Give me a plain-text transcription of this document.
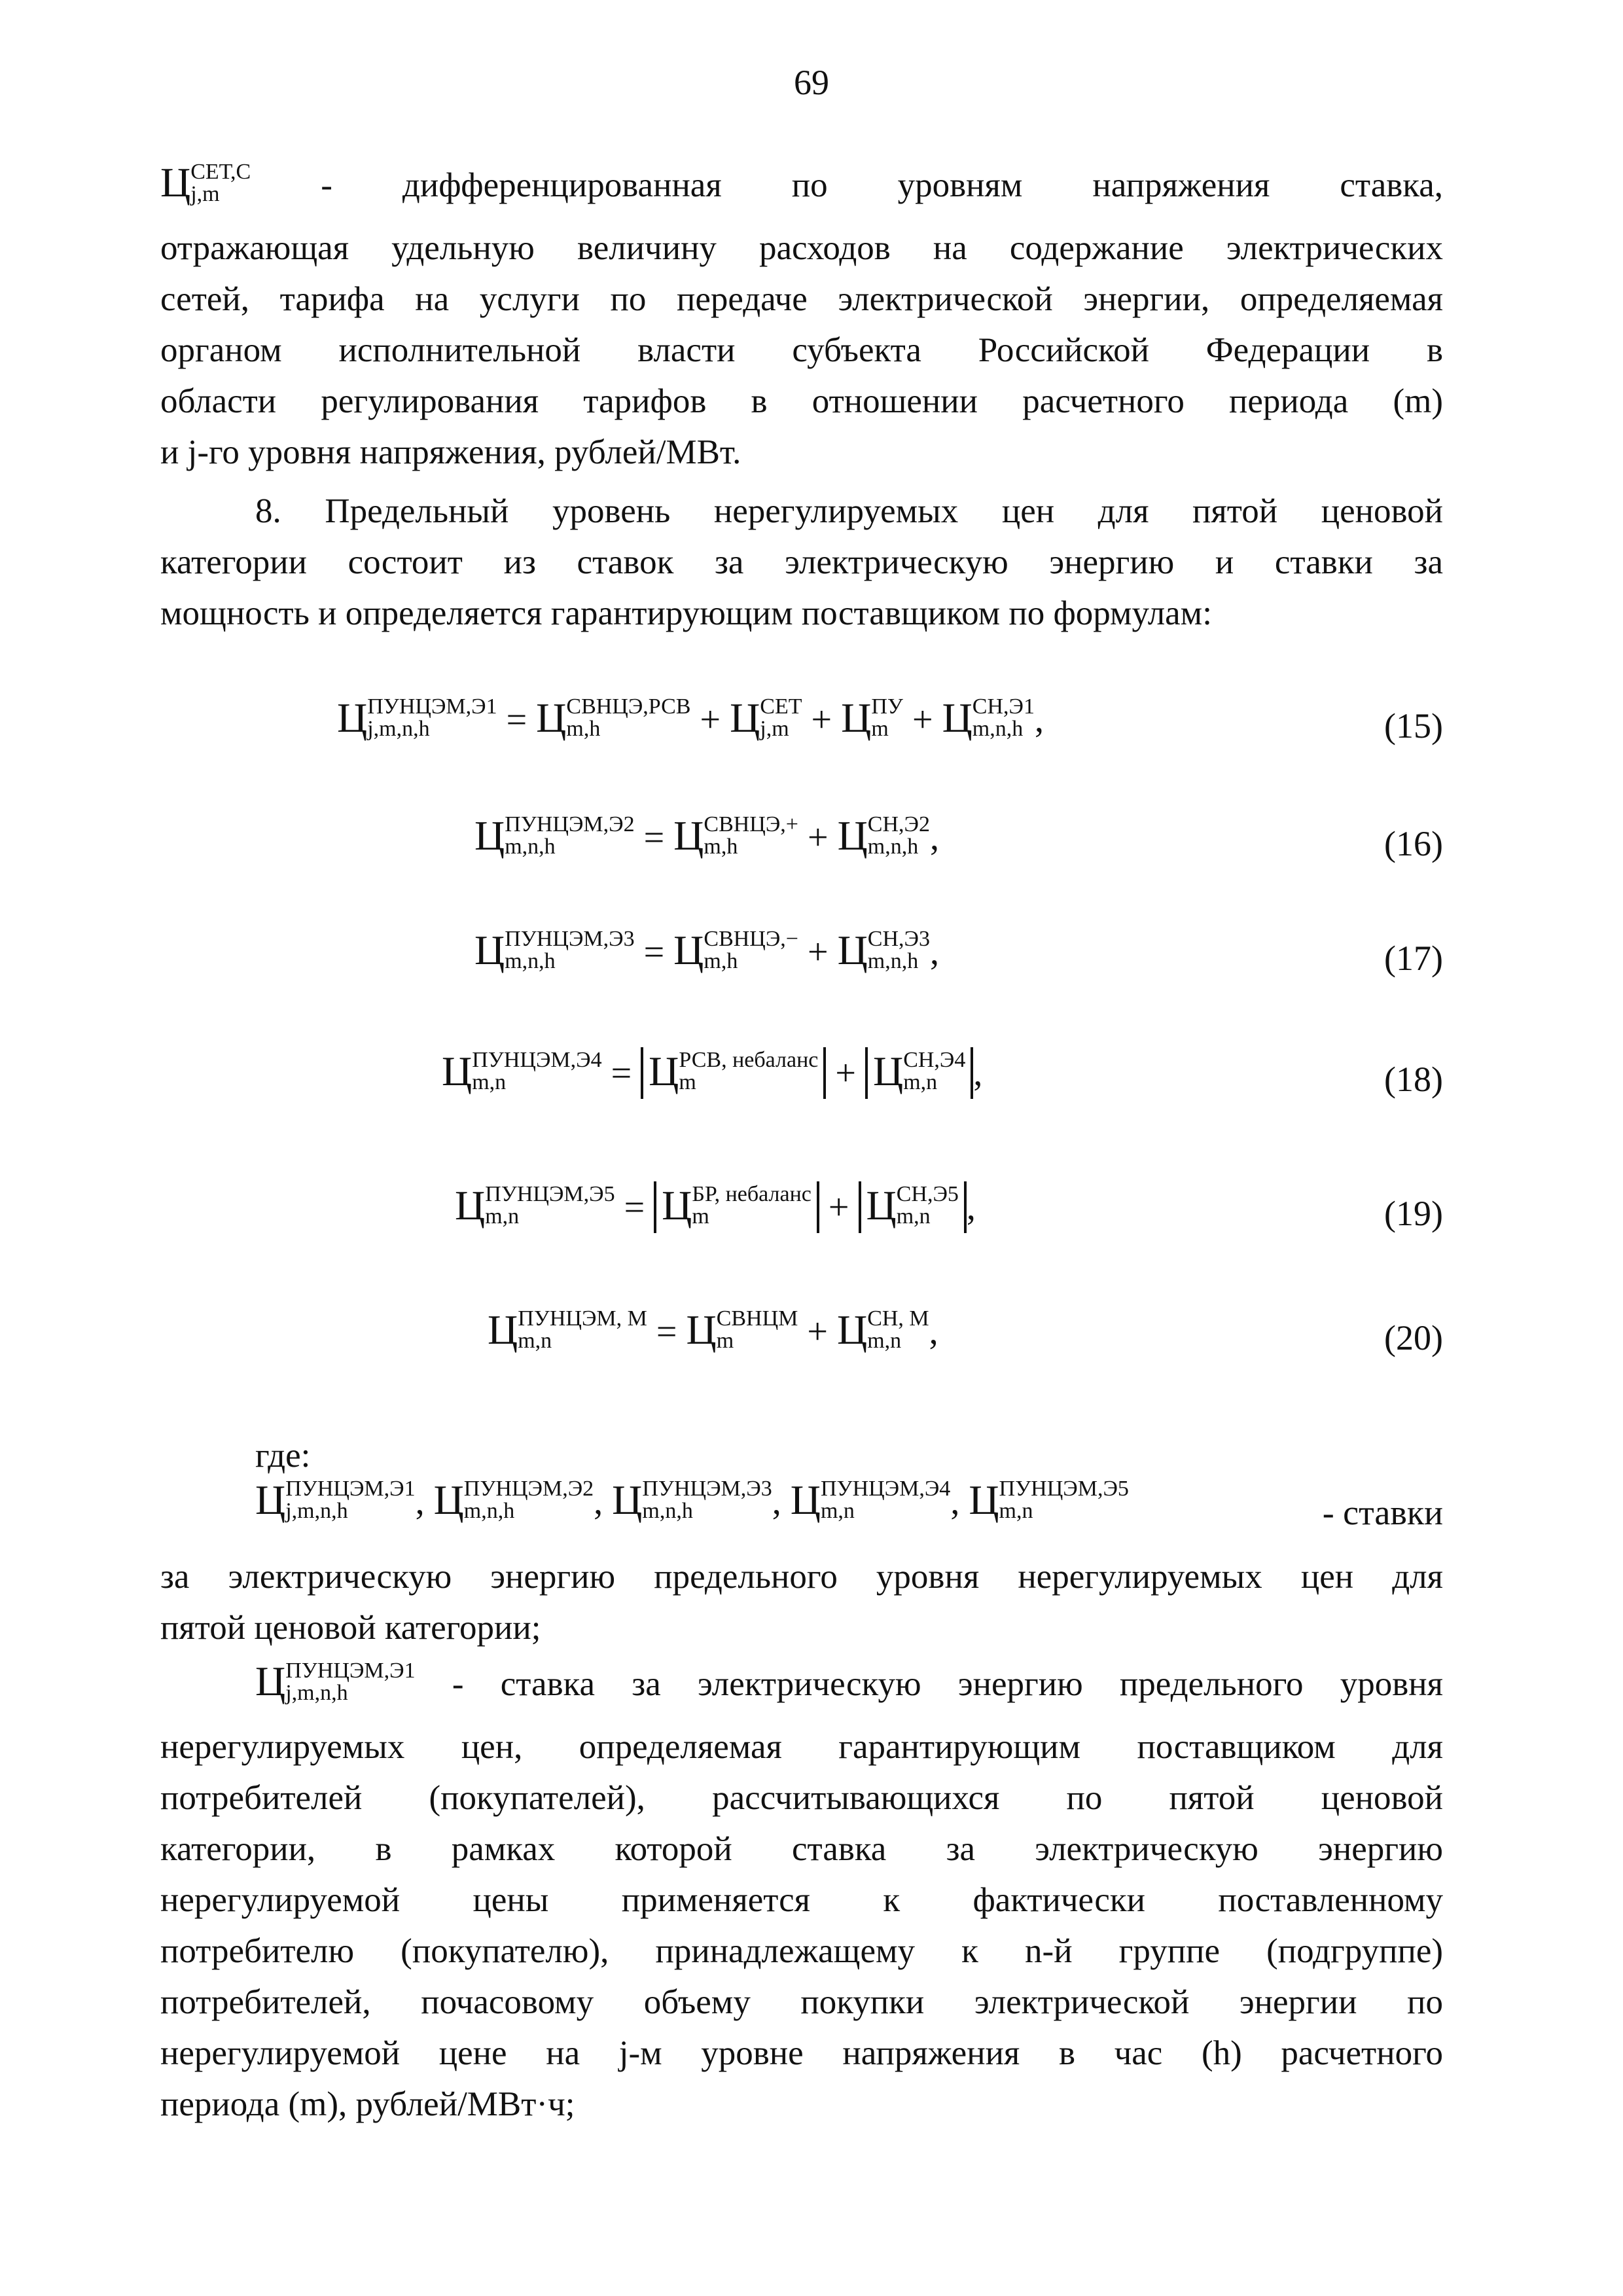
69
Ц СЕТ,С
j,m	- дифференцированная по уровням напряжения ставка,
отражающая удельную величину расходов на содержание электрических
сетей, тарифа на услуги по передаче электрической энергии, определяемая
органом исполнительной власти субъекта Российской Федерации в
области регулирования тарифов в отношении расчетного периода (m)
и j-го уровня напряжения, рублей/МВт.
8. Предельный уровень нерегулируемых цен для пятой ценовой
категории состоит из ставок за электрическую энергию и ставки за
мощность и определяется гарантирующим поставщиком по формулам:
Ц ПУНЦЭМ,Э1
j,m,n,h	= Ц СВНЦЭ,РСВ
m,h	+ Ц СЕТ
j,m + Ц ПУ
m + Ц СН,Э1
m,n,h ,	(15)
Ц ПУНЦЭМ,Э2
m,n,h	= Ц СВНЦЭ,+
m,h	+ Ц СН,Э2
m,n,h ,	(16)
Ц ПУНЦЭМ,Э3
m,n,h	= Ц СВНЦЭ,−
m,h	+ Ц СН,Э3
m,n,h ,	(17)
Ц ПУНЦЭМ,Э4
m,n	= Ц РСВ, небаланс
m	+ Ц СН,Э4
m,n ,	(18)
Ц ПУНЦЭМ,Э5
m,n	= Ц БР, небаланс
m	+ Ц СН,Э5
m,n ,	(19)
Ц ПУНЦЭМ, М
m,n	= Ц СВНЦМ
m	+ Ц СН, М
m,n ,	(20)
где:
Ц ПУНЦЭМ,Э1
j,m,n,h	, Ц ПУНЦЭМ,Э2
m,n,h	, Ц ПУНЦЭМ,Э3
m,n,h	, Ц ПУНЦЭМ,Э4
m,n	, Ц ПУНЦЭМ,Э5
m,n	- ставки
за электрическую энергию предельного уровня нерегулируемых цен для
пятой ценовой категории;
Ц ПУНЦЭМ,Э1
j,m,n,h	- ставка за электрическую энергию предельного уровня
нерегулируемых цен, определяемая гарантирующим поставщиком для
потребителей (покупателей), рассчитывающихся по пятой ценовой
категории, в рамках которой ставка за электрическую энергию
нерегулируемой цены применяется к фактически поставленному
потребителю (покупателю), принадлежащему к n-й группе (подгруппе)
потребителей, почасовому объему покупки электрической энергии по
нерегулируемой цене на j-м уровне напряжения в час (h) расчетного
периода (m), рублей/МВт·ч;
